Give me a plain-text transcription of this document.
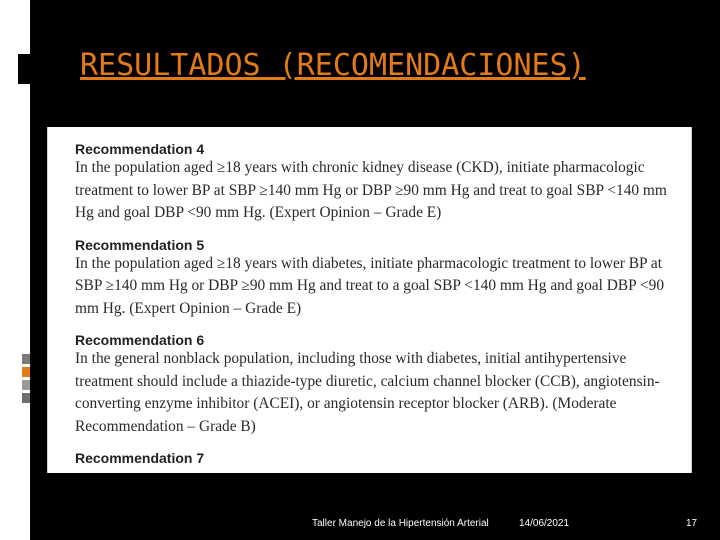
RESULTADOS (RECOMENDACIONES)

Recommendation 4

In the population aged ≥18 years with chronic kidney disease (CKD), initiate pharmacologic treatment to lower BP at SBP ≥140 mm Hg or DBP ≥90 mm Hg and treat to goal SBP <140 mm Hg and goal DBP <90 mm Hg. (Expert Opinion – Grade E)

Recommendation 5

In the population aged ≥18 years with diabetes, initiate pharmacologic treatment to lower BP at SBP ≥140 mm Hg or DBP ≥90 mm Hg and treat to a goal SBP <140 mm Hg and goal DBP <90 mm Hg. (Expert Opinion – Grade E)

Recommendation 6

In the general nonblack population, including those with diabetes, initial antihypertensive treatment should include a thiazide-type diuretic, calcium channel blocker (CCB), angiotensin-converting enzyme inhibitor (ACEI), or angiotensin receptor blocker (ARB). (Moderate Recommendation – Grade B)

Recommendation 7

Taller Manejo de la Hipertensión Arterial	14/06/2021	17
